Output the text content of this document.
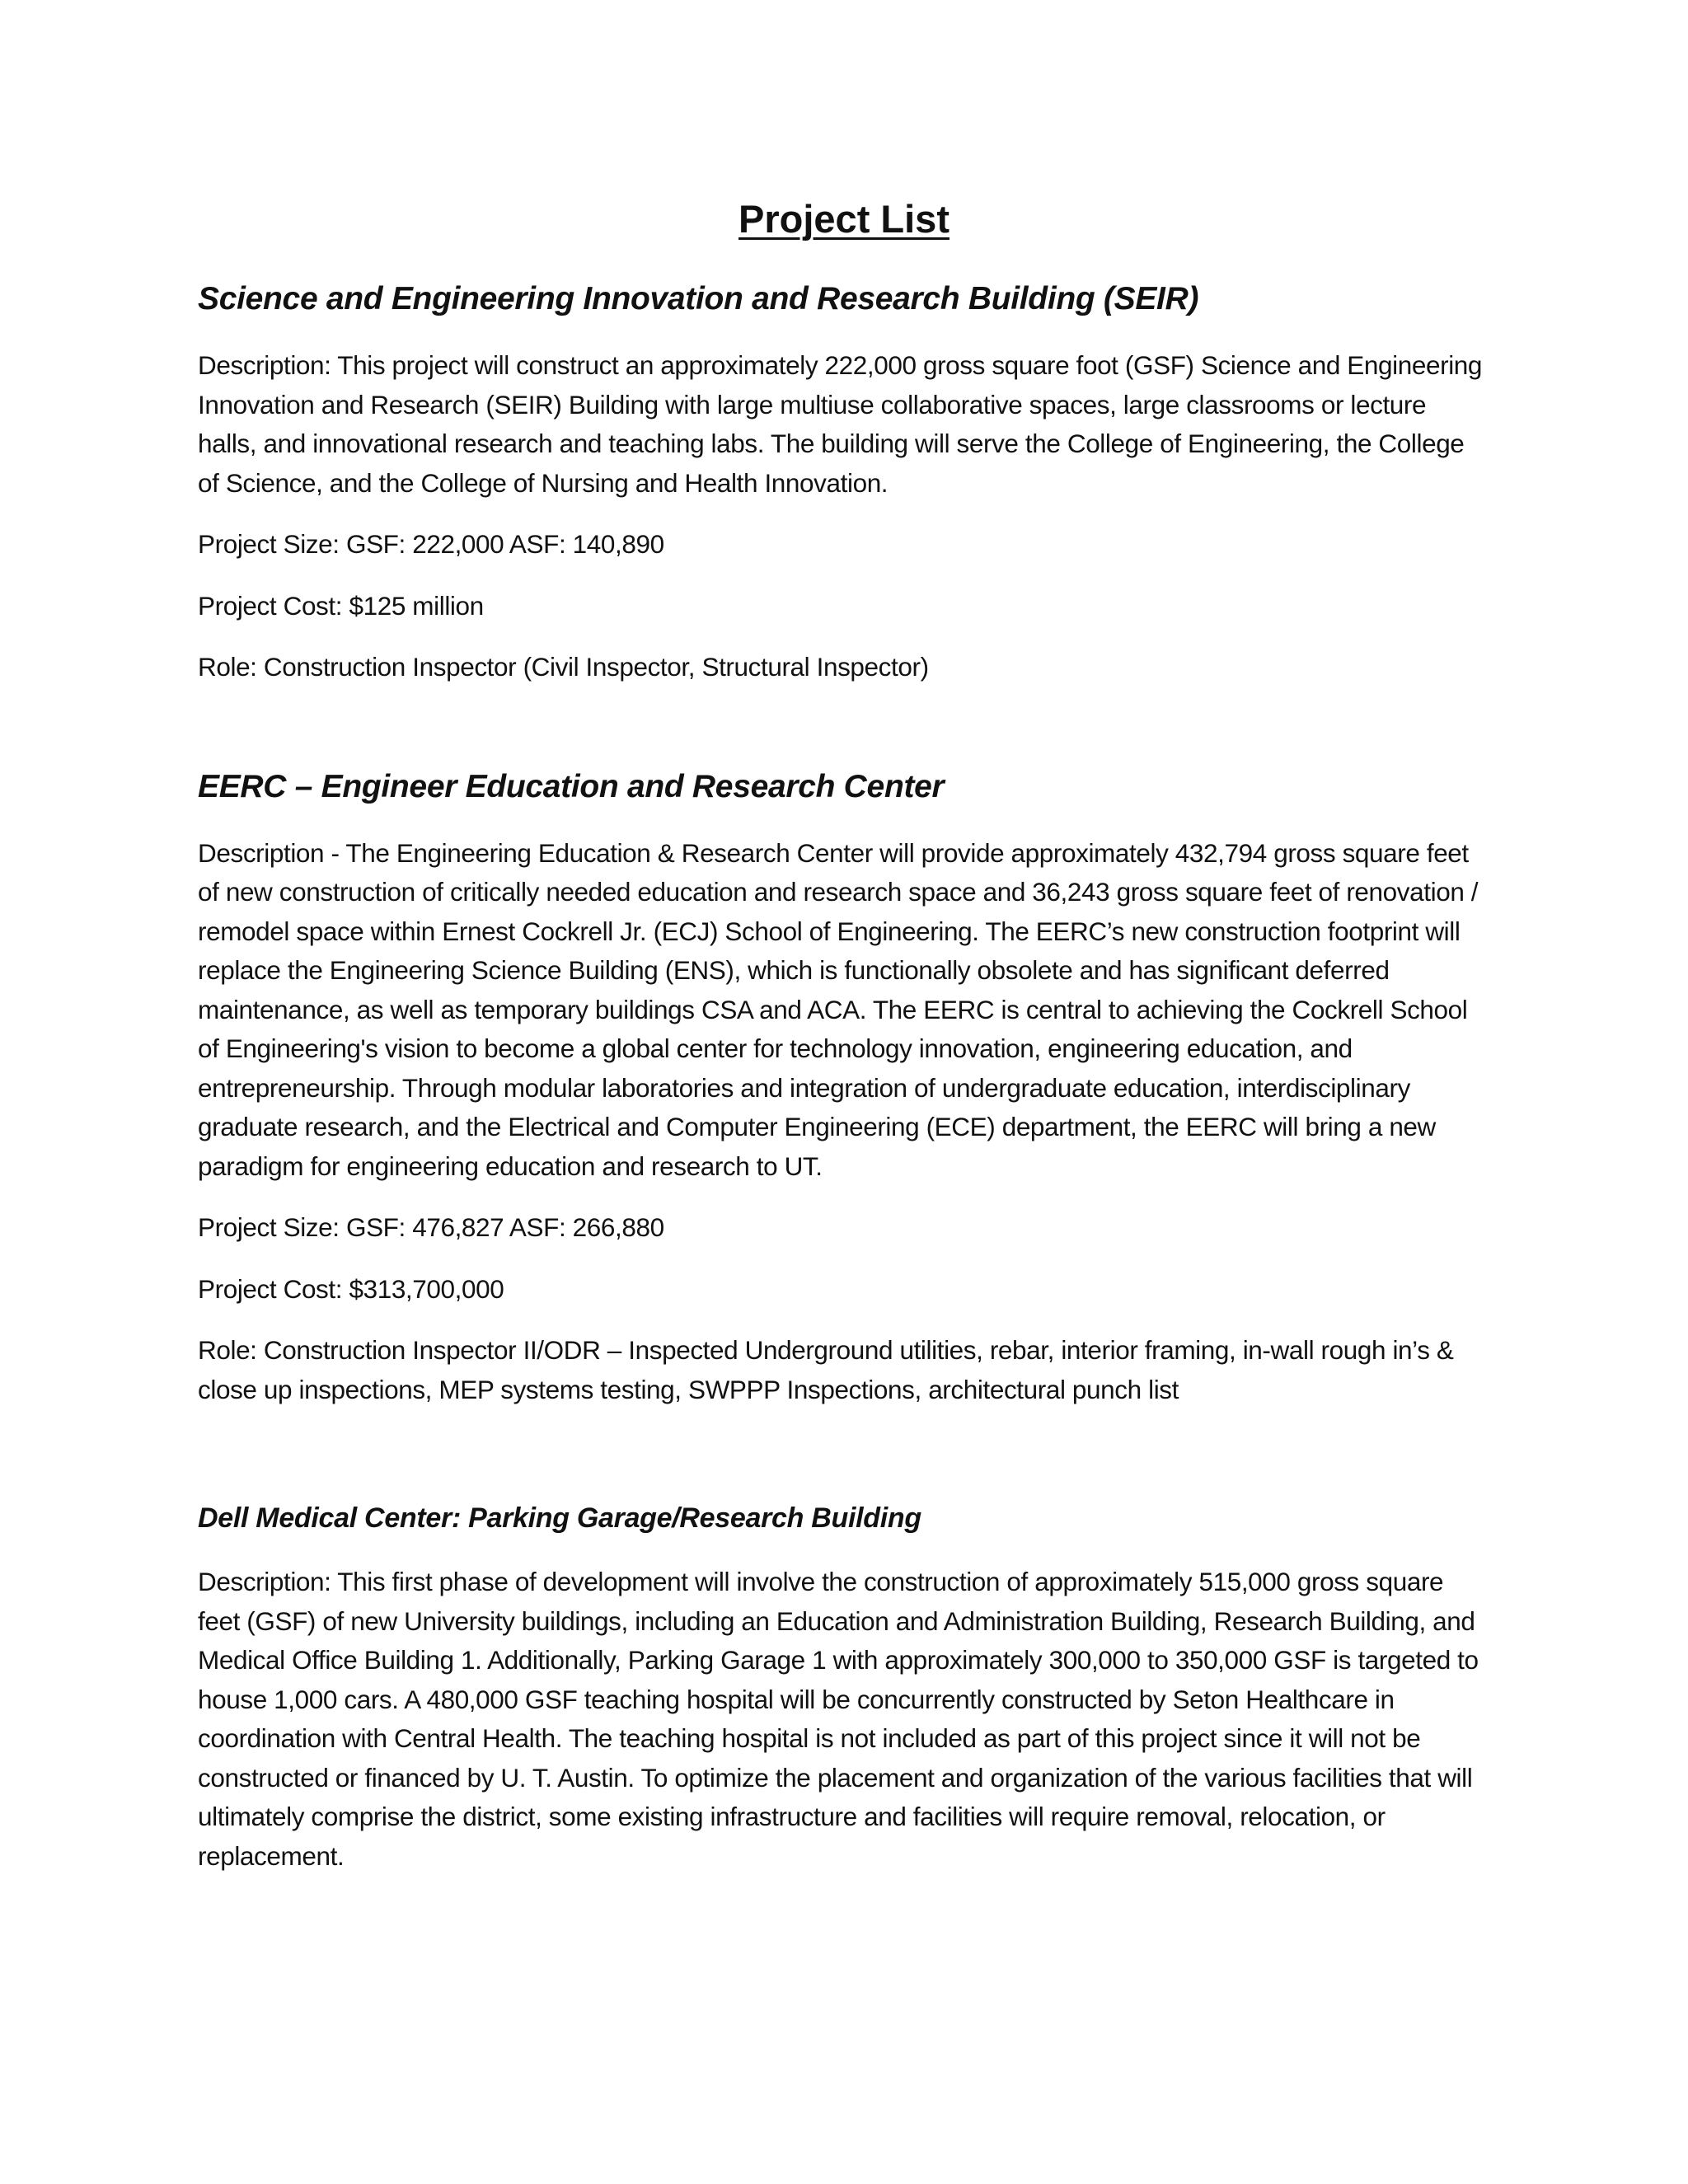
Project List
Science and Engineering Innovation and Research Building (SEIR)

Description: This project will construct an approximately 222,000 gross square foot (GSF) Science and Engineering Innovation and Research (SEIR) Building with large multiuse collaborative spaces, large classrooms or lecture halls, and innovational research and teaching labs. The building will serve the College of Engineering, the College of Science, and the College of Nursing and Health Innovation.

Project Size: GSF: 222,000 ASF: 140,890

Project Cost: $125 million

Role: Construction Inspector (Civil Inspector, Structural Inspector)

EERC – Engineer Education and Research Center

Description - The Engineering Education & Research Center will provide approximately 432,794 gross square feet of new construction of critically needed education and research space and 36,243 gross square feet of renovation / remodel space within Ernest Cockrell Jr. (ECJ) School of Engineering. The EERC’s new construction footprint will replace the Engineering Science Building (ENS), which is functionally obsolete and has significant deferred maintenance, as well as temporary buildings CSA and ACA. The EERC is central to achieving the Cockrell School of Engineering's vision to become a global center for technology innovation, engineering education, and entrepreneurship. Through modular laboratories and integration of undergraduate education, interdisciplinary graduate research, and the Electrical and Computer Engineering (ECE) department, the EERC will bring a new paradigm for engineering education and research to UT.

Project Size: GSF: 476,827 ASF: 266,880

Project Cost: $313,700,000

Role: Construction Inspector II/ODR – Inspected Underground utilities, rebar, interior framing, in-wall rough in’s & close up inspections, MEP systems testing, SWPPP Inspections, architectural punch list

Dell Medical Center: Parking Garage/Research Building

Description: This first phase of development will involve the construction of approximately 515,000 gross square feet (GSF) of new University buildings, including an Education and Administration Building, Research Building, and Medical Office Building 1. Additionally, Parking Garage 1 with approximately 300,000 to 350,000 GSF is targeted to house 1,000 cars. A 480,000 GSF teaching hospital will be concurrently constructed by Seton Healthcare in coordination with Central Health. The teaching hospital is not included as part of this project since it will not be constructed or financed by U. T. Austin. To optimize the placement and organization of the various facilities that will ultimately comprise the district, some existing infrastructure and facilities will require removal, relocation, or replacement.
